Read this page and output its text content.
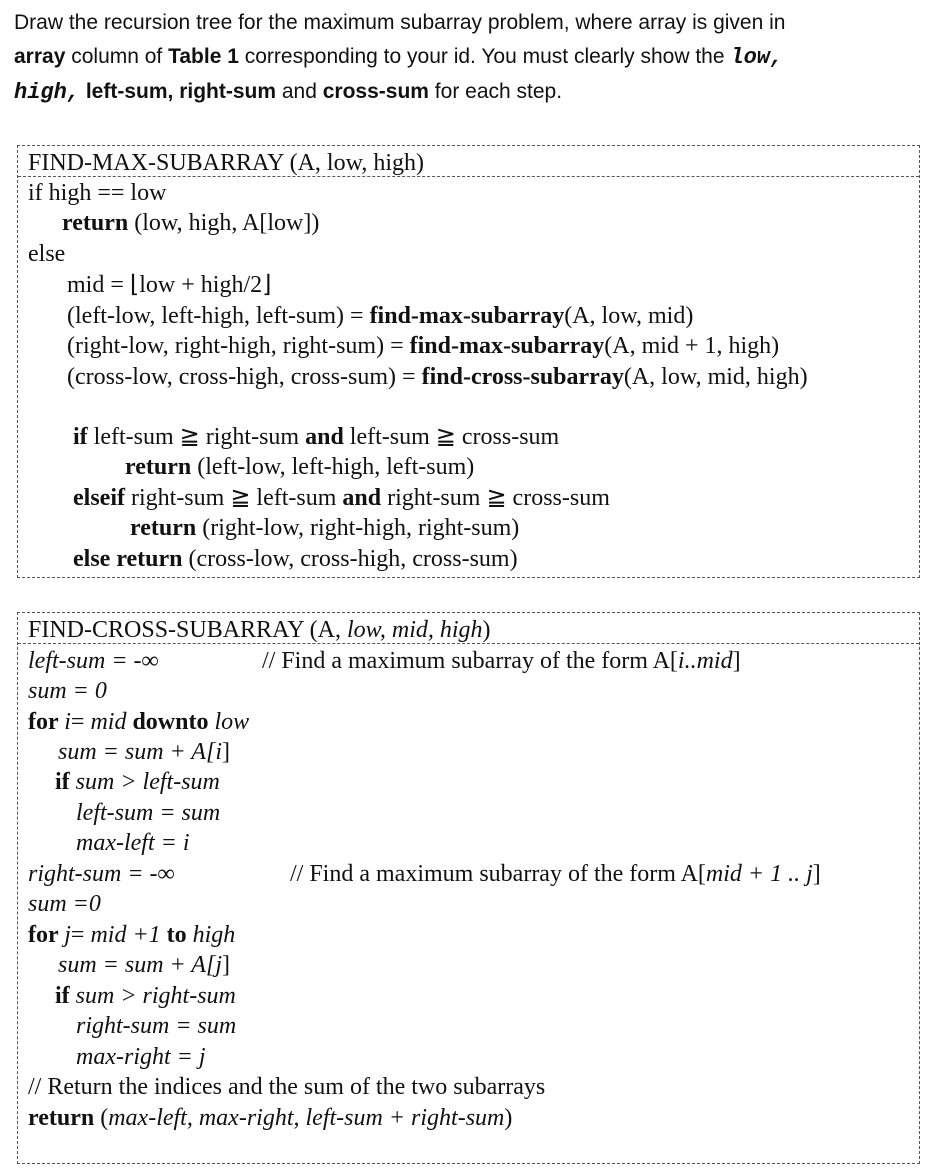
Draw the recursion tree for the maximum subarray problem, where array is given in
array column of Table 1 corresponding to your id. You must clearly show the low,
high, left-sum, right-sum and cross-sum for each step.
FIND-MAX-SUBARRAY (A, low, high)
if high == low
return (low, high, A[low])
else
mid = ⌊low + high/2⌋
(left-low, left-high, left-sum) = find-max-subarray(A, low, mid)
(right-low, right-high, right-sum) = find-max-subarray(A, mid + 1, high)
(cross-low, cross-high, cross-sum) = find-cross-subarray(A, low, mid, high)
if left-sum ≧ right-sum and left-sum ≧ cross-sum
return (left-low, left-high, left-sum)
elseif right-sum ≧ left-sum and right-sum ≧ cross-sum
return (right-low, right-high, right-sum)
else return (cross-low, cross-high, cross-sum)
FIND-CROSS-SUBARRAY (A, low, mid, high)
left-sum = -∞	// Find a maximum subarray of the form A[i..mid]
sum = 0
for i= mid downto low
sum = sum + A[i]
if sum > left-sum
left-sum = sum
max-left = i
right-sum = -∞	// Find a maximum subarray of the form A[mid + 1 .. j]
sum =0
for j= mid +1 to high
sum = sum + A[j]
if sum > right-sum
right-sum = sum
max-right = j
// Return the indices and the sum of the two subarrays
return (max-left, max-right, left-sum + right-sum)
